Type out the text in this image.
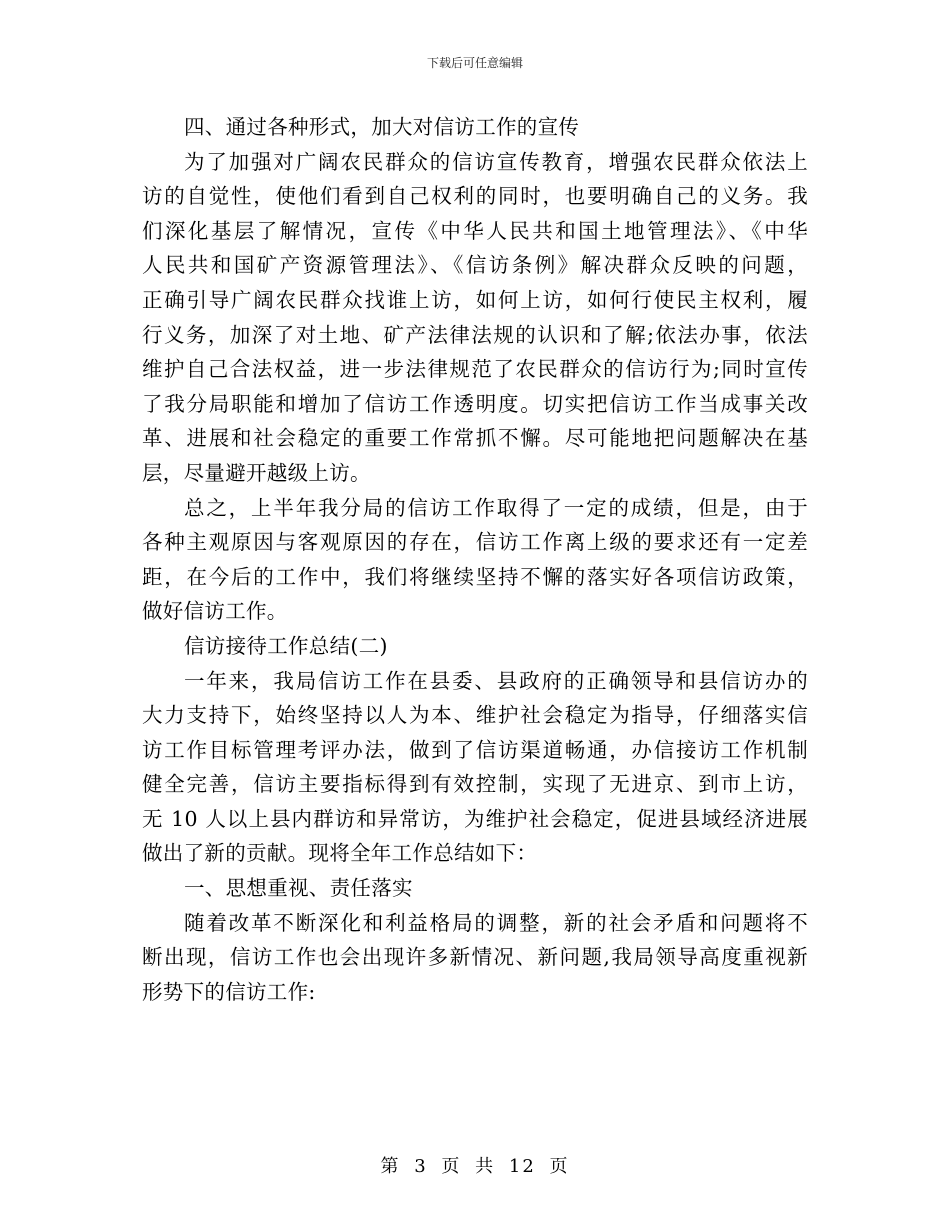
下载后可任意编辑
四、通过各种形式，加大对信访工作的宣传
为了加强对广阔农民群众的信访宣传教育，增强农民群众依法上
访的自觉性，使他们看到自己权利的同时，也要明确自己的义务。我
们深化基层了解情况，宣传《中华人民共和国土地管理法》、《中华
人民共和国矿产资源管理法》、《信访条例》解决群众反映的问题，
正确引导广阔农民群众找谁上访，如何上访，如何行使民主权利，履
行义务，加深了对土地、矿产法律法规的认识和了解;依法办事，依法
维护自己合法权益，进一步法律规范了农民群众的信访行为;同时宣传
了我分局职能和增加了信访工作透明度。切实把信访工作当成事关改
革、进展和社会稳定的重要工作常抓不懈。尽可能地把问题解决在基
层，尽量避开越级上访。
总之，上半年我分局的信访工作取得了一定的成绩，但是，由于
各种主观原因与客观原因的存在，信访工作离上级的要求还有一定差
距，在今后的工作中，我们将继续坚持不懈的落实好各项信访政策，
做好信访工作。
信访接待工作总结(二)
一年来，我局信访工作在县委、县政府的正确领导和县信访办的
大力支持下，始终坚持以人为本、维护社会稳定为指导，仔细落实信
访工作目标管理考评办法，做到了信访渠道畅通，办信接访工作机制
健全完善，信访主要指标得到有效控制，实现了无进京、到市上访，
无 10 人以上县内群访和异常访，为维护社会稳定，促进县域经济进展
做出了新的贡献。现将全年工作总结如下：
一、思想重视、责任落实
随着改革不断深化和利益格局的调整，新的社会矛盾和问题将不
断出现，信访工作也会出现许多新情况、新问题,我局领导高度重视新
形势下的信访工作:
第 3 页 共 12 页
